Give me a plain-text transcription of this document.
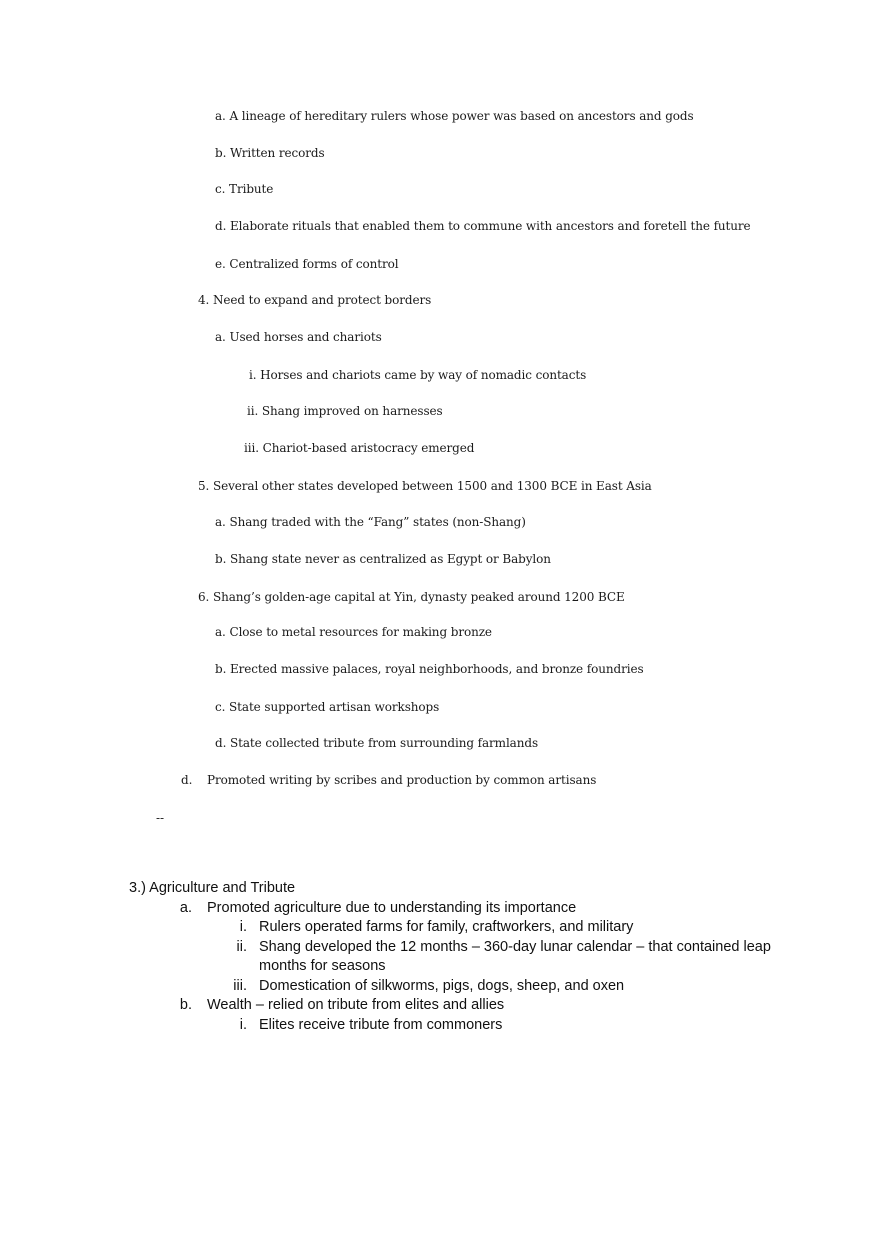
a. A lineage of hereditary rulers whose power was based on ancestors and gods
b. Written records
c. Tribute
d. Elaborate rituals that enabled them to commune with ancestors and foretell the future
e. Centralized forms of control
4. Need to expand and protect borders
a. Used horses and chariots
i. Horses and chariots came by way of nomadic contacts
ii. Shang improved on harnesses
iii. Chariot-based aristocracy emerged
5. Several other states developed between 1500 and 1300 BCE in East Asia
a. Shang traded with the “Fang” states (non-Shang)
b. Shang state never as centralized as Egypt or Babylon
6. Shang’s golden-age capital at Yin, dynasty peaked around 1200 BCE
a. Close to metal resources for making bronze
b. Erected massive palaces, royal neighborhoods, and bronze foundries
c. State supported artisan workshops
d. State collected tribute from surrounding farmlands
d. Promoted writing by scribes and production by common artisans
--
3.) Agriculture and Tribute
a. Promoted agriculture due to understanding its importance
i. Rulers operated farms for family, craftworkers, and military
ii. Shang developed the 12 months – 360-day lunar calendar – that contained leap
months for seasons
iii. Domestication of silkworms, pigs, dogs, sheep, and oxen
b. Wealth – relied on tribute from elites and allies
i. Elites receive tribute from commoners
